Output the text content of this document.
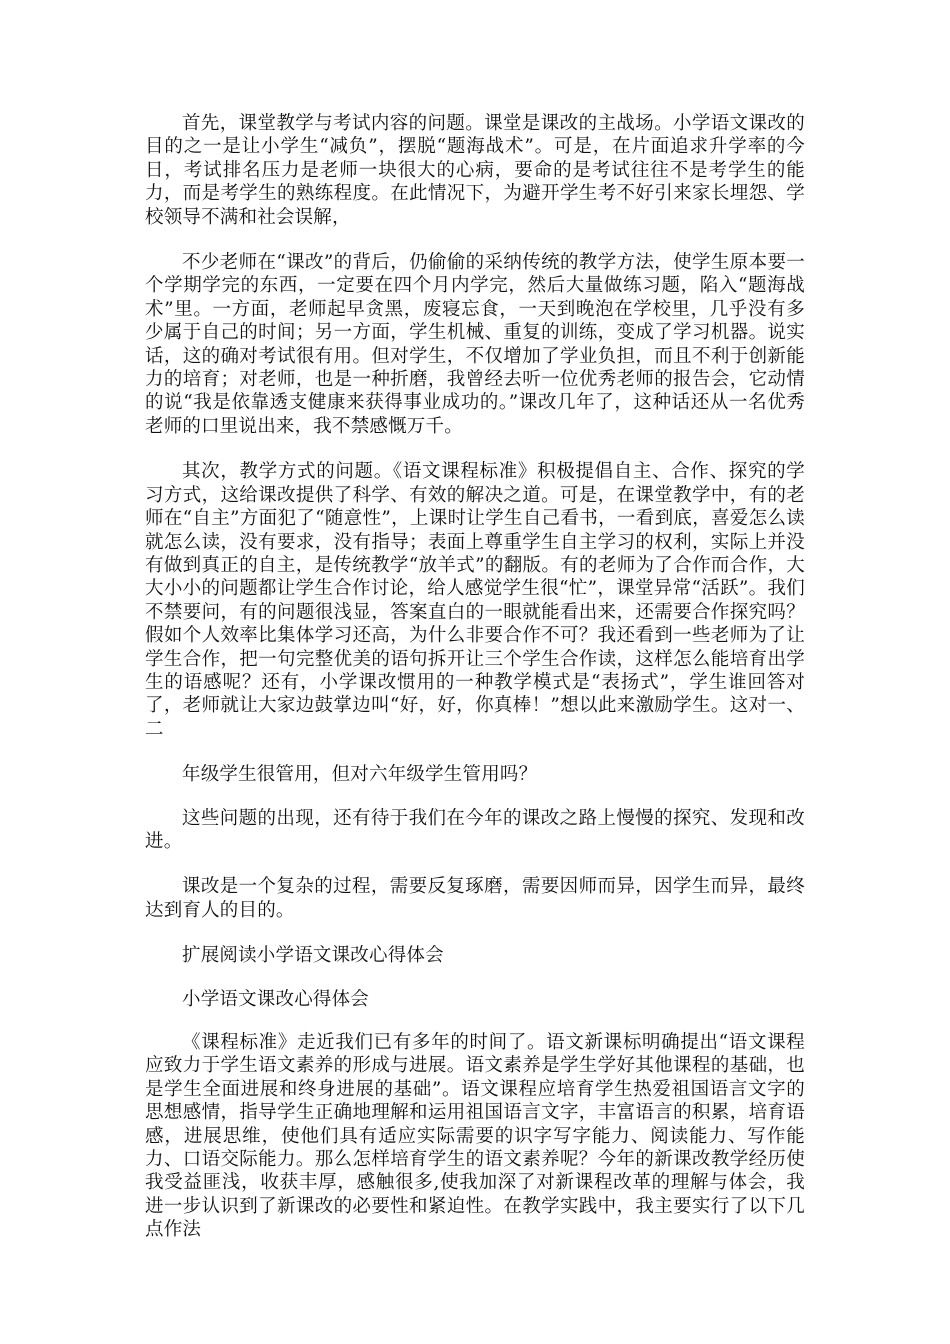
首先，课堂教学与考试内容的问题。课堂是课改的主战场。小学语文课改的目的之一是让小学生“减负”，摆脱“题海战术”。可是，在片面追求升学率的今日，考试排名压力是老师一块很大的心病，要命的是考试往往不是考学生的能力，而是考学生的熟练程度。在此情况下，为避开学生考不好引来家长埋怨、学校领导不满和社会误解，

不少老师在“课改”的背后，仍偷偷的采纳传统的教学方法，使学生原本要一个学期学完的东西，一定要在四个月内学完，然后大量做练习题，陷入“题海战术”里。一方面，老师起早贪黑，废寝忘食，一天到晚泡在学校里，几乎没有多少属于自己的时间；另一方面，学生机械、重复的训练，变成了学习机器。说实话，这的确对考试很有用。但对学生，不仅增加了学业负担，而且不利于创新能力的培育；对老师，也是一种折磨，我曾经去听一位优秀老师的报告会，它动情的说“我是依靠透支健康来获得事业成功的。”课改几年了，这种话还从一名优秀老师的口里说出来，我不禁感慨万千。

其次，教学方式的问题。《语文课程标准》积极提倡自主、合作、探究的学习方式，这给课改提供了科学、有效的解决之道。可是，在课堂教学中，有的老师在“自主”方面犯了“随意性”，上课时让学生自己看书，一看到底，喜爱怎么读就怎么读，没有要求，没有指导；表面上尊重学生自主学习的权利，实际上并没有做到真正的自主，是传统教学“放羊式”的翻版。有的老师为了合作而合作，大大小小的问题都让学生合作讨论，给人感觉学生很“忙”，课堂异常“活跃”。我们不禁要问，有的问题很浅显，答案直白的一眼就能看出来，还需要合作探究吗？假如个人效率比集体学习还高，为什么非要合作不可？我还看到一些老师为了让学生合作，把一句完整优美的语句拆开让三个学生合作读，这样怎么能培育出学生的语感呢？还有，小学课改惯用的一种教学模式是“表扬式”，学生谁回答对了，老师就让大家边鼓掌边叫“好，好，你真棒！”想以此来激励学生。这对一、二

年级学生很管用，但对六年级学生管用吗？

这些问题的出现，还有待于我们在今年的课改之路上慢慢的探究、发现和改进。

课改是一个复杂的过程，需要反复琢磨，需要因师而异，因学生而异，最终达到育人的目的。

扩展阅读小学语文课改心得体会

小学语文课改心得体会

《课程标准》走近我们已有多年的时间了。语文新课标明确提出“语文课程应致力于学生语文素养的形成与进展。语文素养是学生学好其他课程的基础，也是学生全面进展和终身进展的基础”。语文课程应培育学生热爱祖国语言文字的思想感情，指导学生正确地理解和运用祖国语言文字，丰富语言的积累，培育语感，进展思维，使他们具有适应实际需要的识字写字能力、阅读能力、写作能力、口语交际能力。那么怎样培育学生的语文素养呢？今年的新课改教学经历使我受益匪浅，收获丰厚，感触很多,使我加深了对新课程改革的理解与体会，我进一步认识到了新课改的必要性和紧迫性。在教学实践中，我主要实行了以下几点作法
